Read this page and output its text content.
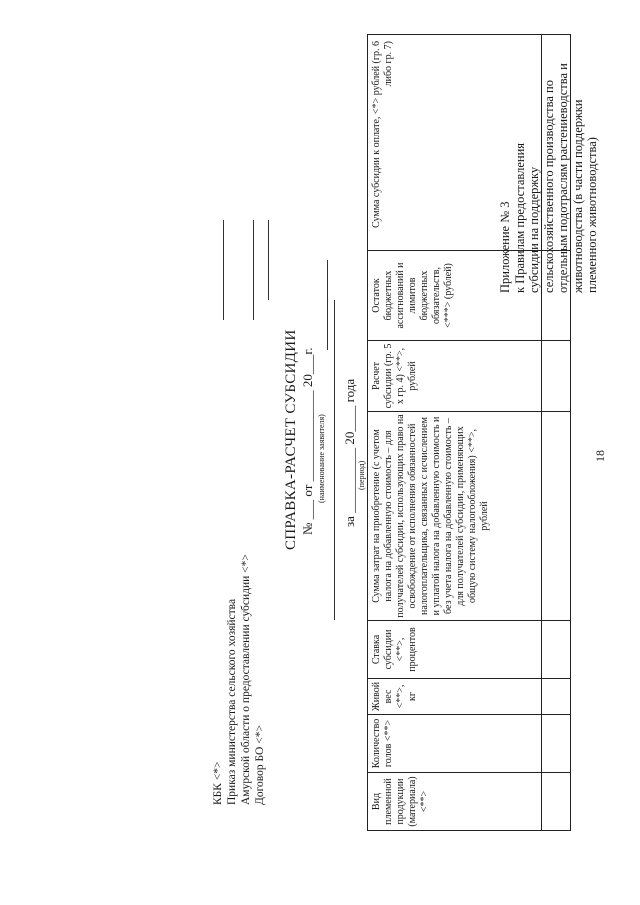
18
Приложение № 3 к Правилам предоставления субсидии на поддержку сельскохозяйственного производства по отдельным подотраслям растениеводства и животноводства (в части поддержки племенного животноводства)
СПРАВКА-РАСЧЕТ СУБСИДИИ № ___ от ______________ 20___г. (наименование заявителя) за __________ 20____ года (период)
КБК <*> Приказ министерства сельского хозяйства Амурской области о предоставлении субсидии <*> Договор БО <*>	Вид племенной продукции (материала) <**>	Количество голов <**>	Живой вес <**>, кг	Ставка субсидии <**>, процентов	Сумма затрат на приобретение (с учетом налога на добавленную стоимость – для получателей субсидии, использующих право на освобождение от исполнения обязанностей налогоплательщика, связанных с исчислением и уплатой налога на добавленную стоимость и без учета налога на добавленную стоимость – для получателей субсидии, применяющих общую систему налогообложения) <**>, рублей	Расчет субсидии (гр. 5 x гр. 4) <**>, рублей	Остаток бюджетных ассигнований и лимитов бюджетных обязательств, <***> (рублей)	Сумма субсидии к оплате, <*> рублей (гр. 6 либо гр. 7)
